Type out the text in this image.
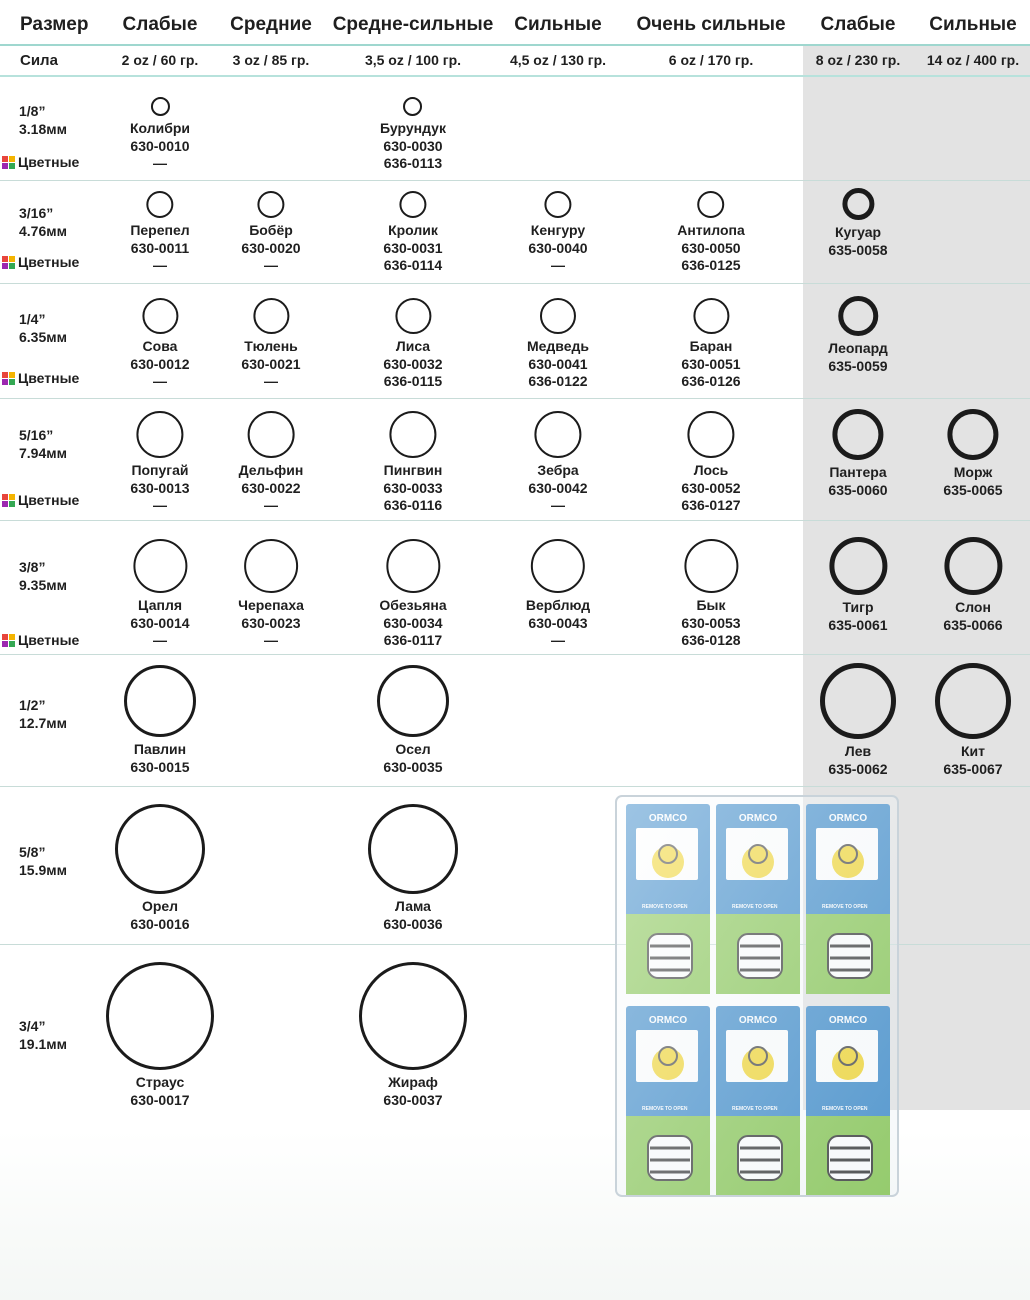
Размер
Сила
Слабые
2 oz / 60 гр.
Средние
3 oz / 85 гр.
Средне-сильные
3,5 oz / 100 гр.
Сильные
4,5 oz / 130 гр.
Очень сильные
6 oz / 170 гр.
Слабые
8 oz / 230 гр.
Сильные
14 oz / 400 гр.
1/8”
3.18мм
Цветные
Колибри
630-0010
—
Бурундук
630-0030
636-0113
3/16”
4.76мм
Цветные
Перепел
630-0011
—
Бобёр
630-0020
—
Кролик
630-0031
636-0114
Кенгуру
630-0040
—
Антилопа
630-0050
636-0125
Кугуар
635-0058
1/4”
6.35мм
Цветные
Сова
630-0012
—
Тюлень
630-0021
—
Лиса
630-0032
636-0115
Медведь
630-0041
636-0122
Баран
630-0051
636-0126
Леопард
635-0059
5/16”
7.94мм
Цветные
Попугай
630-0013
—
Дельфин
630-0022
—
Пингвин
630-0033
636-0116
Зебра
630-0042
—
Лось
630-0052
636-0127
Пантера
635-0060
Морж
635-0065
3/8”
9.35мм
Цветные
Цапля
630-0014
—
Черепаха
630-0023
—
Обезьяна
630-0034
636-0117
Верблюд
630-0043
—
Бык
630-0053
636-0128
Тигр
635-0061
Слон
635-0066
1/2”
12.7мм
Павлин
630-0015
Осел
630-0035
Лев
635-0062
Кит
635-0067
5/8”
15.9мм
Орел
630-0016
Лама
630-0036
3/4”
19.1мм
Страус
630-0017
Жираф
630-0037
